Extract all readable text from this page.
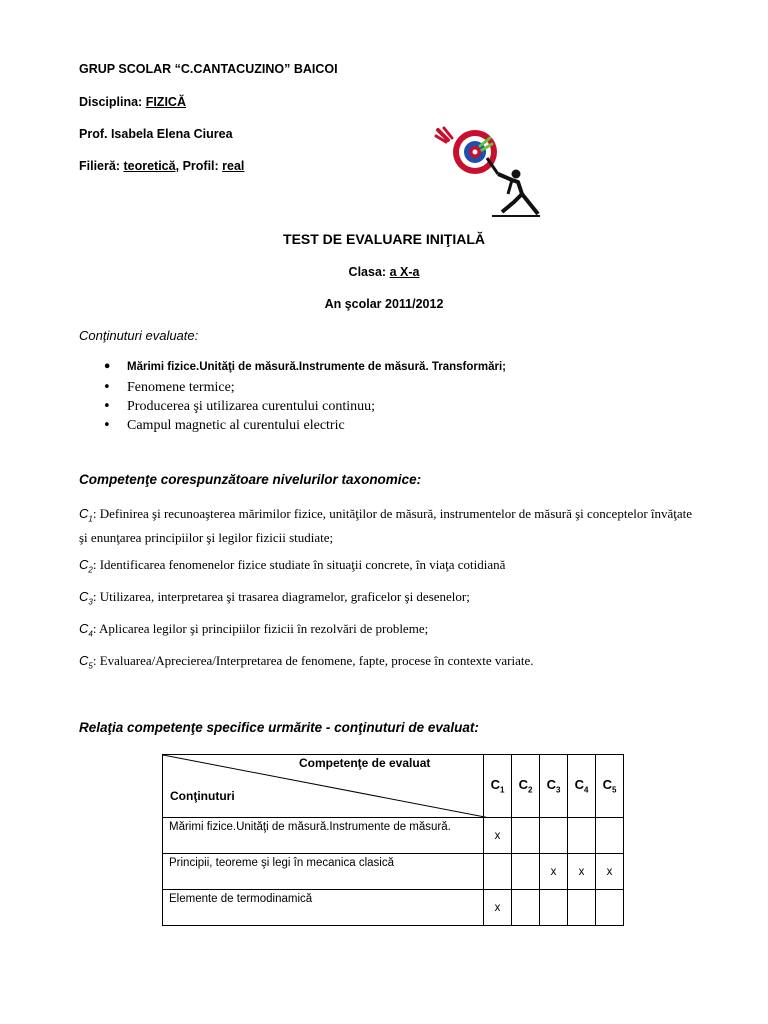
GRUP SCOLAR “C.CANTACUZINO” BAICOI
Disciplina: FIZICĂ
Prof. Isabela Elena Ciurea
Filieră: teoretică, Profil: real
TEST DE EVALUARE INIŢIALĂ
Clasa: a X-a
An şcolar 2011/2012
Conţinuturi evaluate:
• Mărimi fizice.Unităţi de măsură.Instrumente de măsură. Transformări;
• Fenomene termice;
• Producerea şi utilizarea curentului continuu;
• Campul magnetic al curentului electric
Competenţe corespunzătoare nivelurilor taxonomice:
$C_1$: Definirea şi recunoaşterea mărimilor fizice, unităţilor de măsură, instrumentelor de măsură şi conceptelor învăţate şi enunţarea principiilor şi legilor fizicii studiate;
$C_2$: Identificarea fenomenelor fizice studiate în situaţii concrete, în viaţa cotidiană
$C_3$: Utilizarea, interpretarea şi trasarea diagramelor, graficelor şi desenelor;
$C_4$: Aplicarea legilor şi principiilor fizicii în rezolvări de probleme;
$C_5$: Evaluarea/Aprecierea/Interpretarea de fenomene, fapte, procese în contexte variate.
Relaţia competenţe specifice urmărite - conţinuturi de evaluat:
Competenţe de evaluat
Conţinuturi	$C_1$	$C_2$	$C_3$	$C_4$	$C_5$
Mărimi fizice.Unităţi de măsură.Instrumente de măsură.	x				
Principii, teoreme şi legi în mecanica clasică			x	x	x
Elemente de termodinamică	x				
